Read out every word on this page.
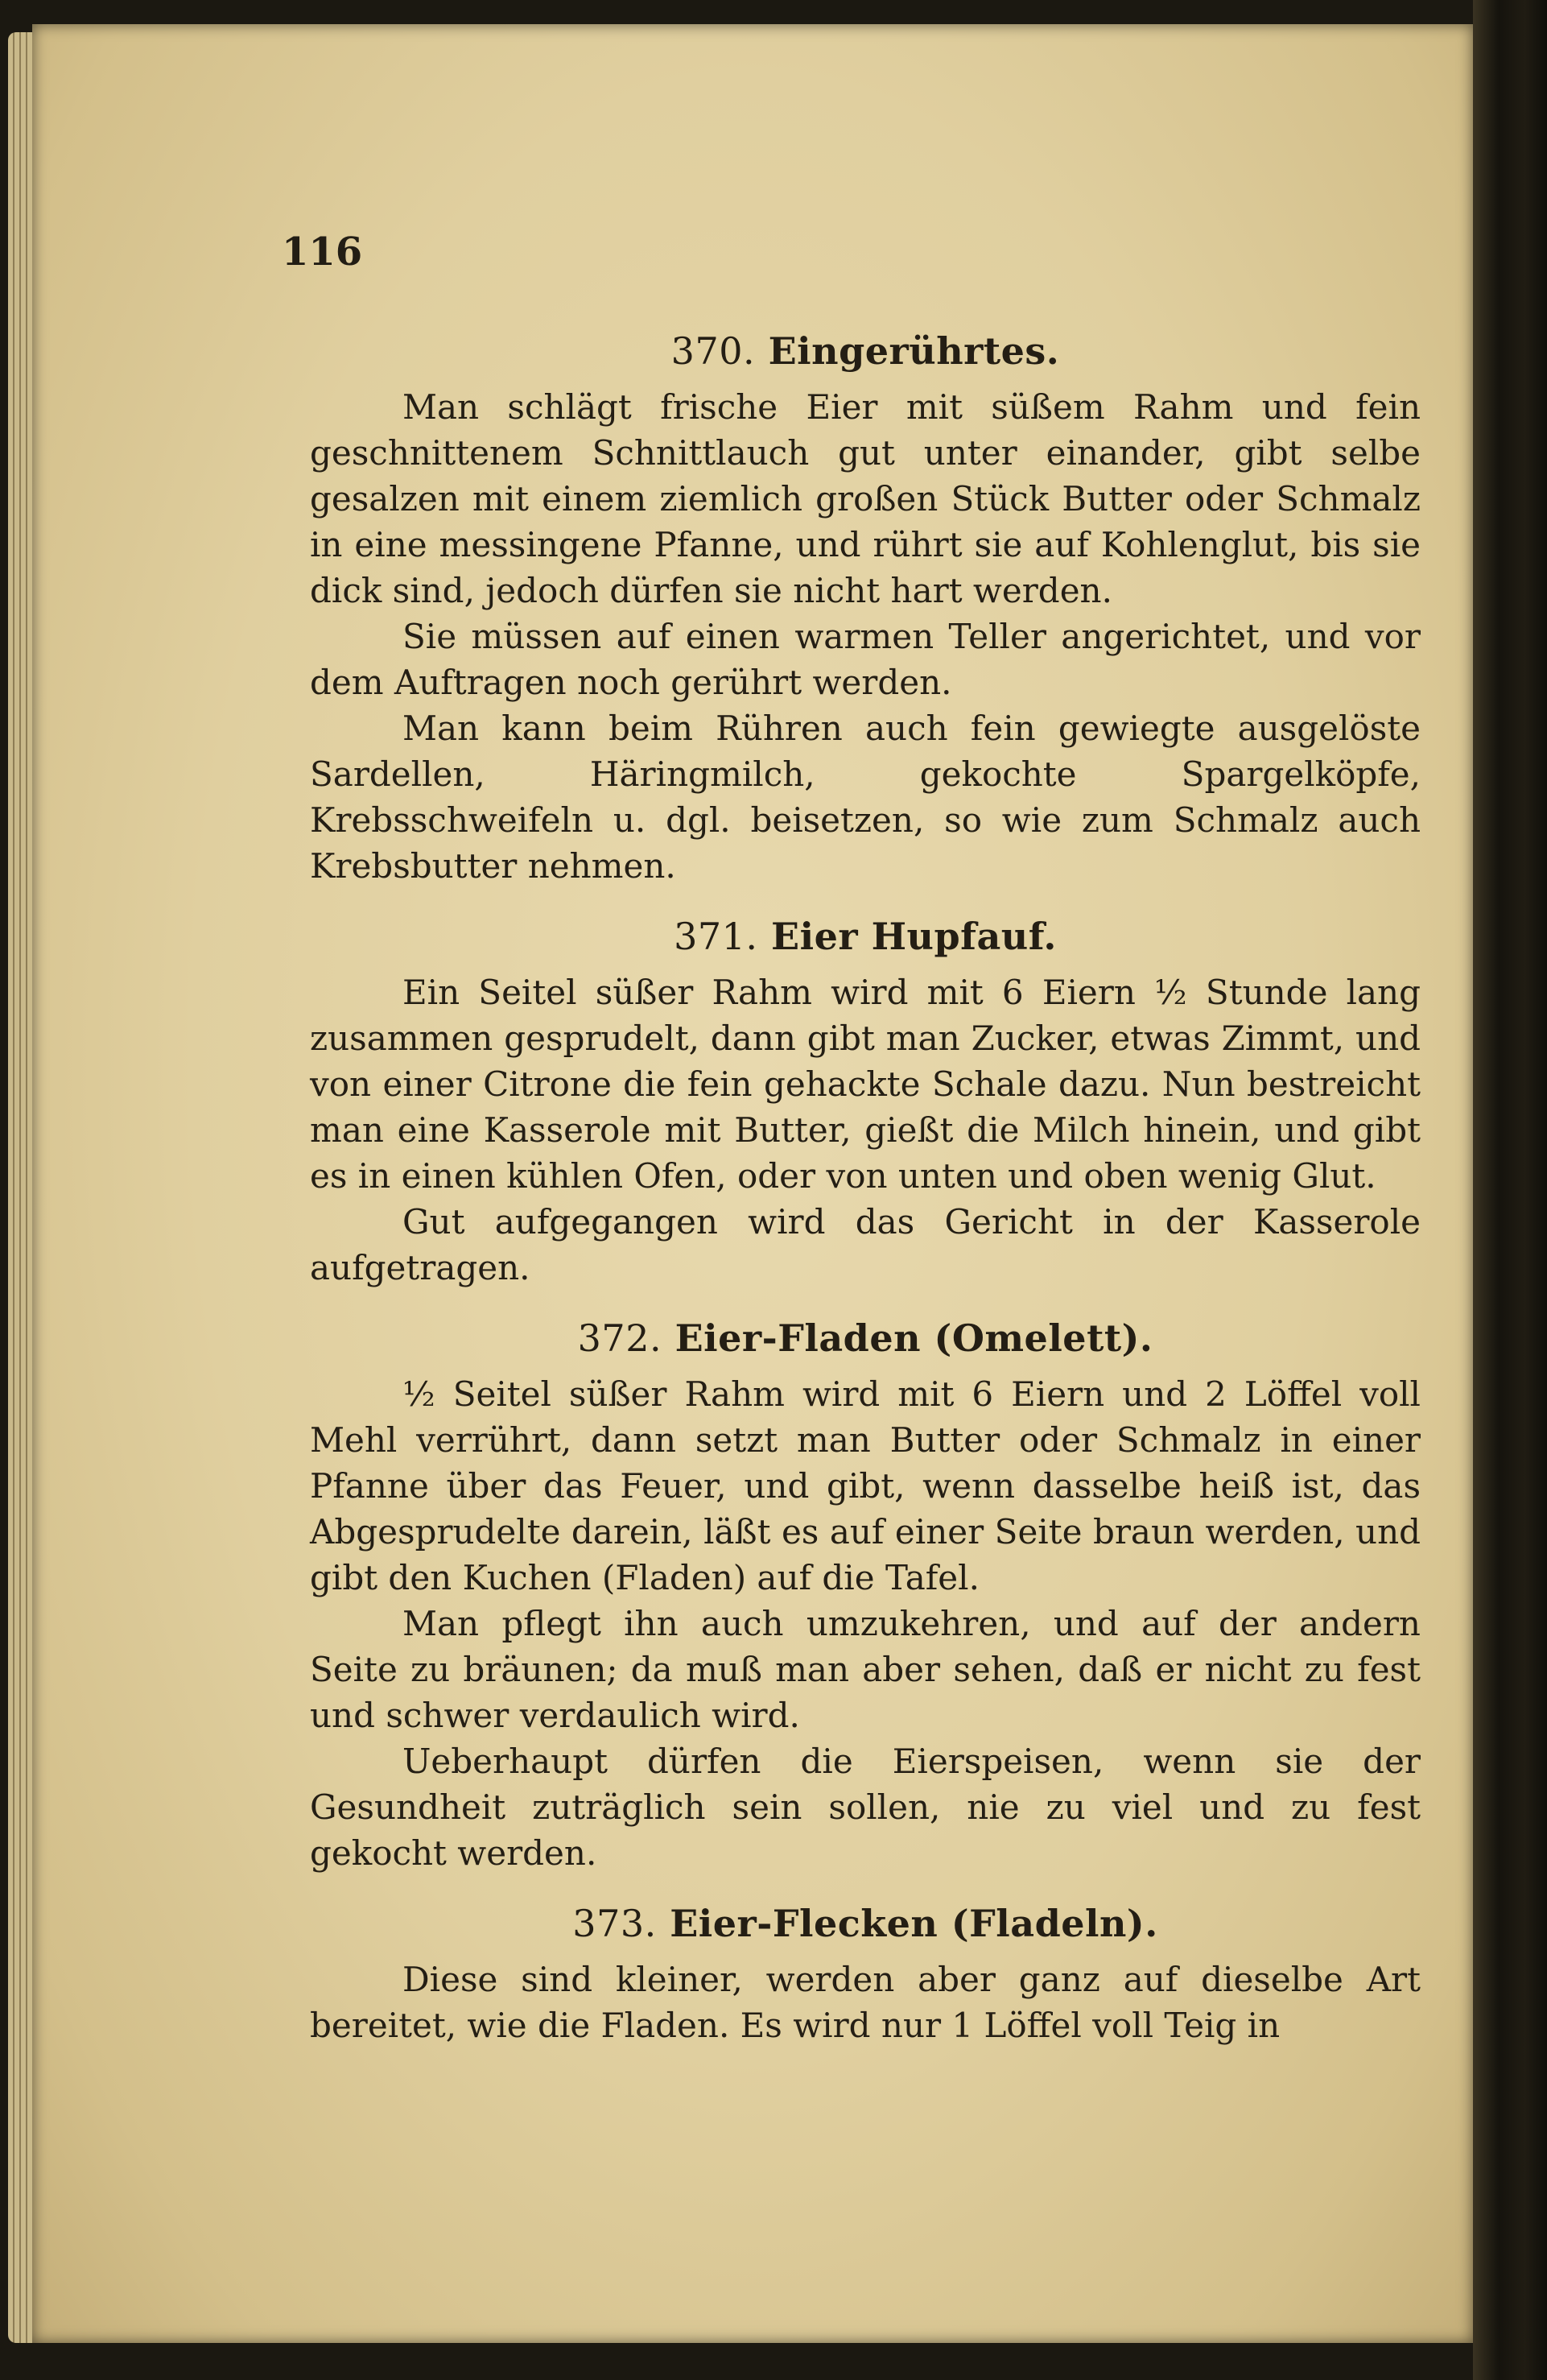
116
370. Eingerührtes.

Man schlägt frische Eier mit süßem Rahm und fein geschnittenem Schnittlauch gut unter einander, gibt selbe gesalzen mit einem ziemlich großen Stück Butter oder Schmalz in eine messingene Pfanne, und rührt sie auf Kohlenglut, bis sie dick sind, jedoch dürfen sie nicht hart werden.

Sie müssen auf einen warmen Teller angerichtet, und vor dem Auftragen noch gerührt werden.

Man kann beim Rühren auch fein gewiegte ausgelöste Sardellen, Häringmilch, gekochte Spargelköpfe, Krebsschweifeln u. dgl. beisetzen, so wie zum Schmalz auch Krebsbutter nehmen.

371. Eier Hupfauf.

Ein Seitel süßer Rahm wird mit 6 Eiern ½ Stunde lang zusammen gesprudelt, dann gibt man Zucker, etwas Zimmt, und von einer Citrone die fein gehackte Schale dazu. Nun bestreicht man eine Kasserole mit Butter, gießt die Milch hinein, und gibt es in einen kühlen Ofen, oder von unten und oben wenig Glut.

Gut aufgegangen wird das Gericht in der Kasserole aufgetragen.

372. Eier-Fladen (Omelett).

½ Seitel süßer Rahm wird mit 6 Eiern und 2 Löffel voll Mehl verrührt, dann setzt man Butter oder Schmalz in einer Pfanne über das Feuer, und gibt, wenn dasselbe heiß ist, das Abgesprudelte darein, läßt es auf einer Seite braun werden, und gibt den Kuchen (Fladen) auf die Tafel.

Man pflegt ihn auch umzukehren, und auf der andern Seite zu bräunen; da muß man aber sehen, daß er nicht zu fest und schwer verdaulich wird.

Ueberhaupt dürfen die Eierspeisen, wenn sie der Gesundheit zuträglich sein sollen, nie zu viel und zu fest gekocht werden.

373. Eier-Flecken (Fladeln).

Diese sind kleiner, werden aber ganz auf dieselbe Art bereitet, wie die Fladen. Es wird nur 1 Löffel voll Teig in
